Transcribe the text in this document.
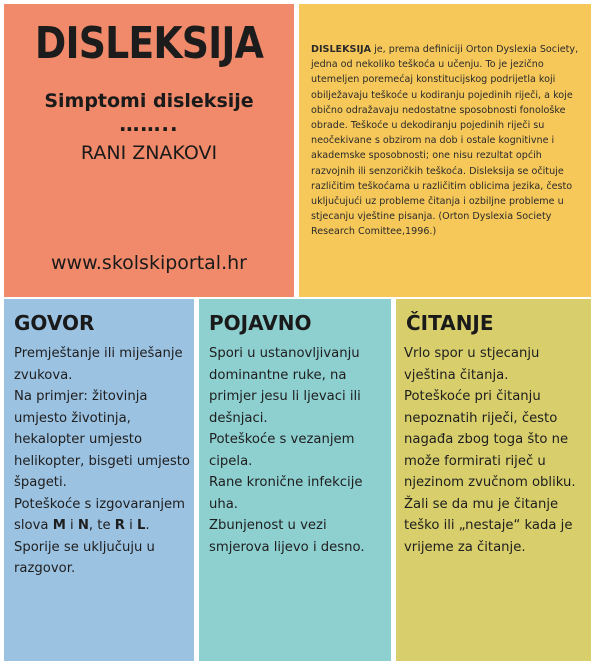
DISLEKSIJA
Simptomi disleksije
……..
RANI ZNAKOVI
www.skolskiportal.hr
DISLEKSIJA je, prema definiciji Orton Dyslexia Society, jedna od nekoliko teškoća u učenju. To je jezično utemeljen poremećaj konstitucijskog podrijetla koji obilježavaju teškoće u kodiranju pojedinih riječi, a koje obično odražavaju nedostatne sposobnosti fonološke obrade. Teškoće u dekodiranju pojedinih riječi su neočekivane s obzirom na dob i ostale kognitivne i akademske sposobnosti; one nisu rezultat općih razvojnih ili senzoričkih teškoća. Disleksija se očituje različitim teškoćama u različitim oblicima jezika, često uključujući uz probleme čitanja i ozbiljne probleme u stjecanju vještine pisanja. (Orton Dyslexia Society Research Comittee,1996.)
GOVOR

Premještanje ili miješanje zvukova.

Na primjer: žitovinja umjesto životinja, hekalopter umjesto helikopter, bisgeti umjesto špageti.

Poteškoće s izgovaranjem slova M i N, te R i L.

Sporije se uključuju u razgovor.

POJAVNO

Spori u ustanovljivanju dominantne ruke, na primjer jesu li ljevaci ili dešnjaci.

Poteškoće s vezanjem cipela.

Rane kronične infekcije uha.

Zbunjenost u vezi smjerova lijevo i desno.

ČITANJE

Vrlo spor u stjecanju vještina čitanja.

Poteškoće pri čitanju nepoznatih riječi, često nagađa zbog toga što ne može formirati riječ u njezinom zvučnom obliku.

Žali se da mu je čitanje teško ili „nestaje“ kada je vrijeme za čitanje.
